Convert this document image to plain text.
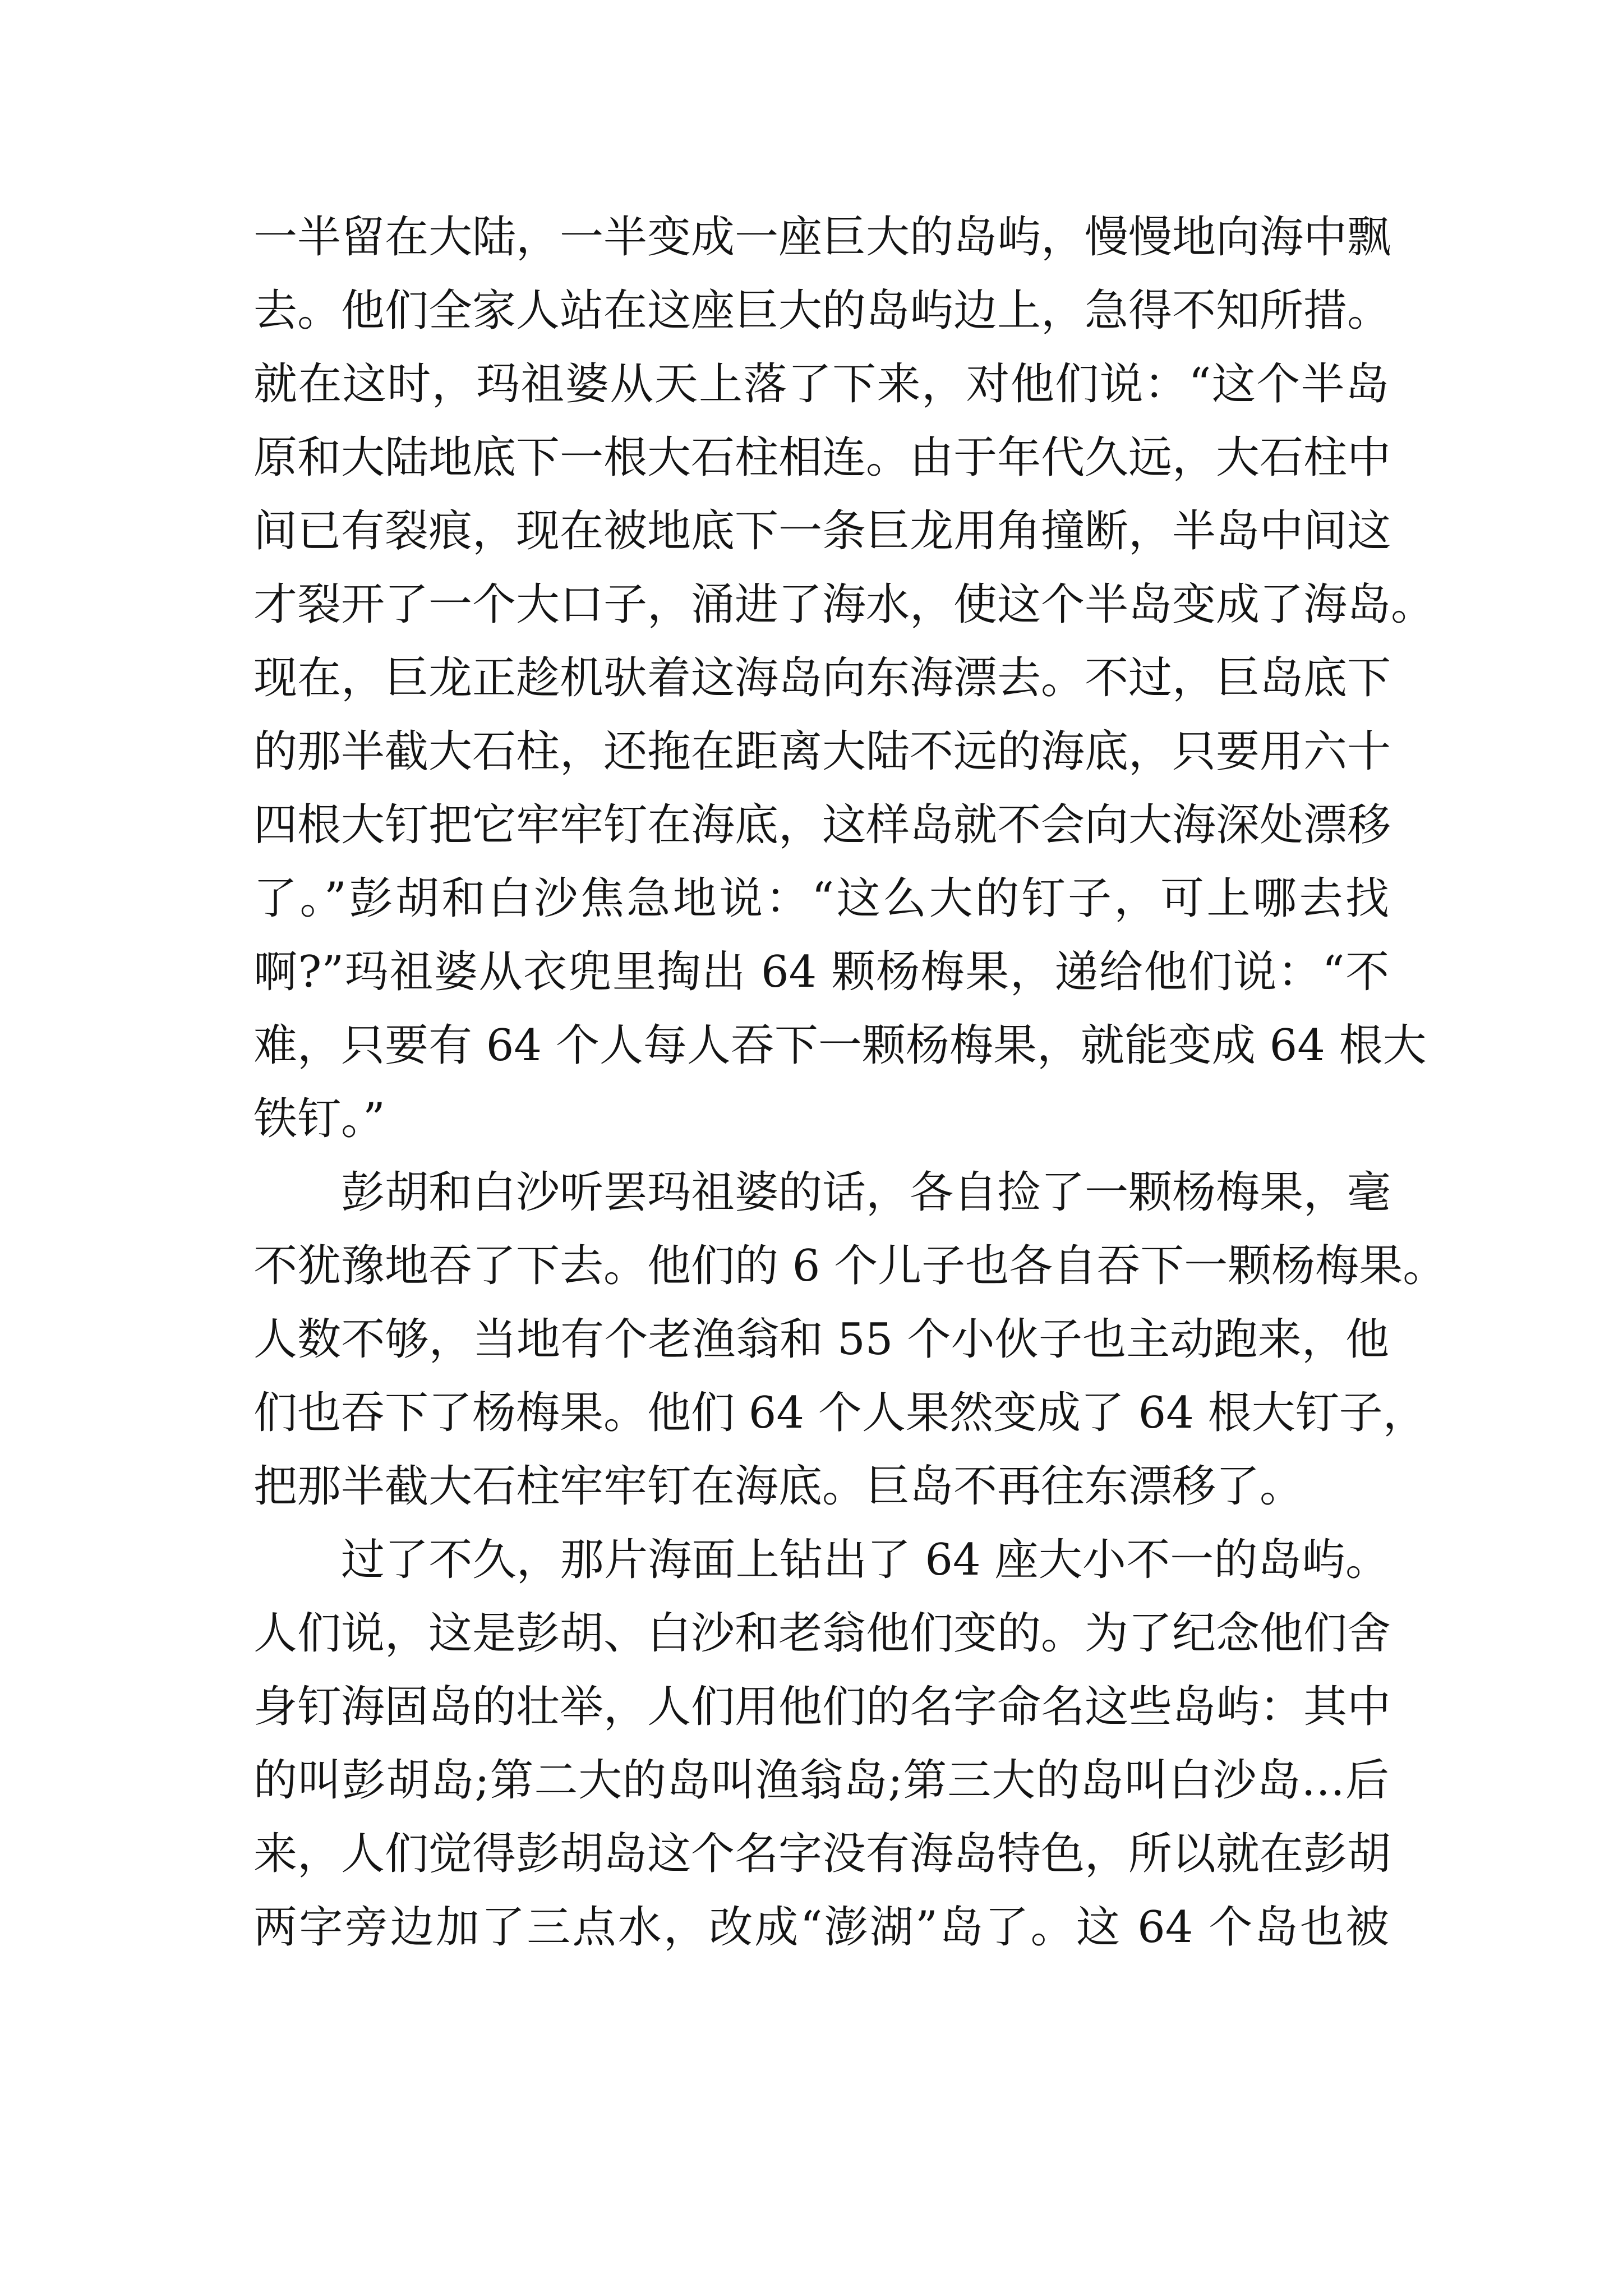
一半留在大陆，一半变成一座巨大的岛屿，慢慢地向海中飘
去。他们全家人站在这座巨大的岛屿边上，急得不知所措。
就在这时，玛祖婆从天上落了下来，对他们说：“这个半岛
原和大陆地底下一根大石柱相连。由于年代久远，大石柱中
间已有裂痕，现在被地底下一条巨龙用角撞断，半岛中间这
才裂开了一个大口子，涌进了海水，使这个半岛变成了海岛。
现在，巨龙正趁机驮着这海岛向东海漂去。不过，巨岛底下
的那半截大石柱，还拖在距离大陆不远的海底，只要用六十
四根大钉把它牢牢钉在海底，这样岛就不会向大海深处漂移
了。”彭胡和白沙焦急地说：“这么大的钉子，可上哪去找
啊?”玛祖婆从衣兜里掏出 64 颗杨梅果，递给他们说：“不
难，只要有 64 个人每人吞下一颗杨梅果，就能变成 64 根大
铁钉。”
彭胡和白沙听罢玛祖婆的话，各自捡了一颗杨梅果，毫
不犹豫地吞了下去。他们的 6 个儿子也各自吞下一颗杨梅果。
人数不够，当地有个老渔翁和 55 个小伙子也主动跑来，他
们也吞下了杨梅果。他们 64 个人果然变成了 64 根大钉子，
把那半截大石柱牢牢钉在海底。巨岛不再往东漂移了。
过了不久，那片海面上钻出了 64 座大小不一的岛屿。
人们说，这是彭胡、白沙和老翁他们变的。为了纪念他们舍
身钉海固岛的壮举，人们用他们的名字命名这些岛屿：其中
的叫彭胡岛;第二大的岛叫渔翁岛;第三大的岛叫白沙岛…后
来，人们觉得彭胡岛这个名字没有海岛特色，所以就在彭胡
两字旁边加了三点水，改成“澎湖”岛了。这 64 个岛也被
